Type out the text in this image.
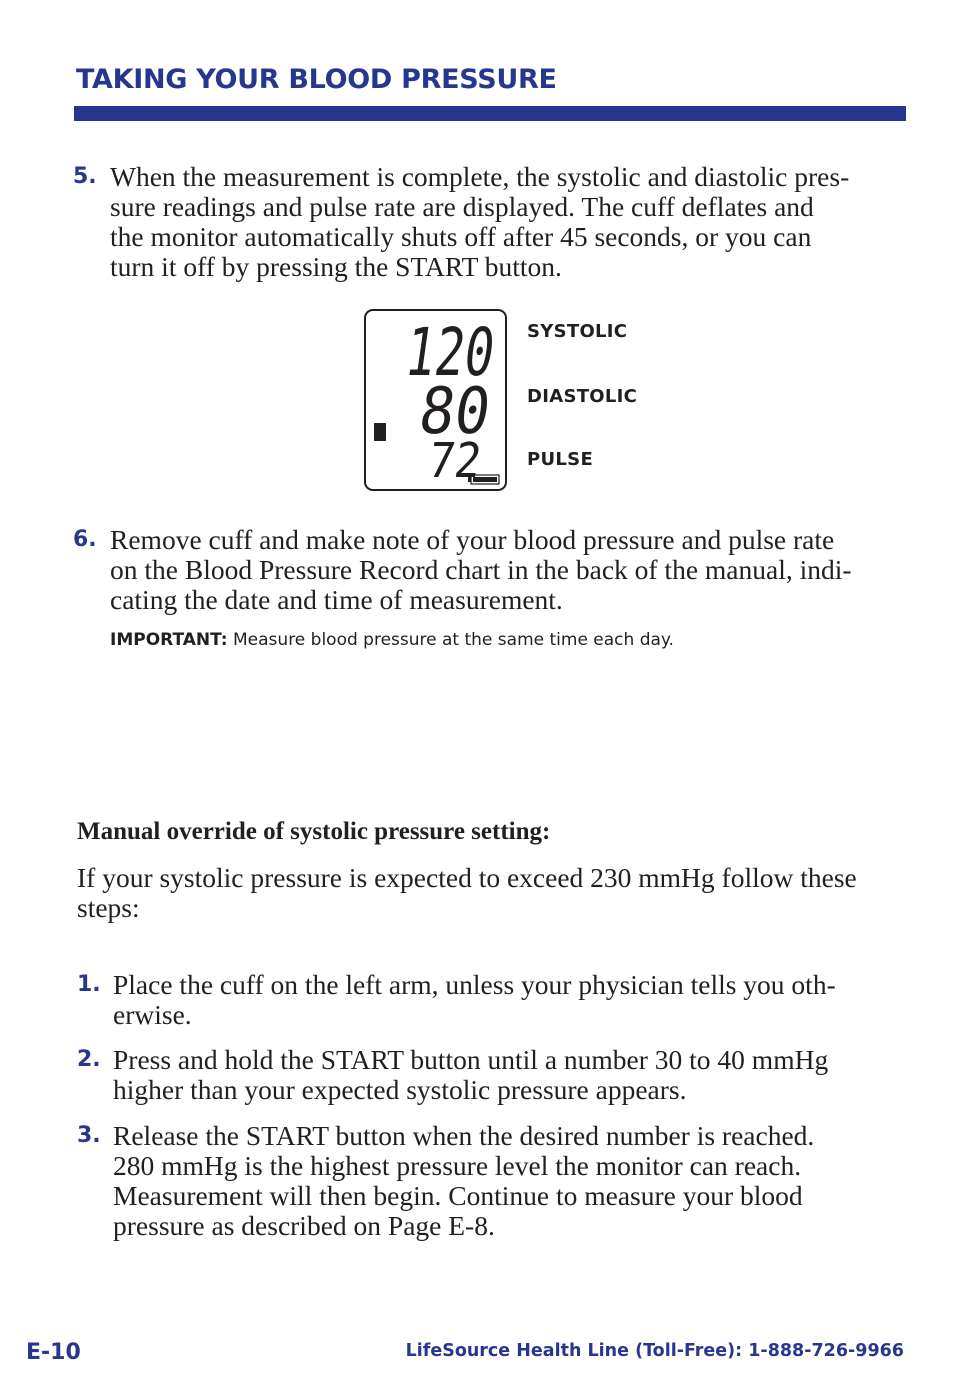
TAKING YOUR BLOOD PRESSURE
5. When the measurement is complete, the systolic and diastolic pres-
sure readings and pulse rate are displayed. The cuff deflates and
the monitor automatically shuts off after 45 seconds, or you can
turn it off by pressing the START button.
120
80
72
SYSTOLIC
DIASTOLIC
PULSE
6. Remove cuff and make note of your blood pressure and pulse rate
on the Blood Pressure Record chart in the back of the manual, indi-
cating the date and time of measurement.
IMPORTANT: Measure blood pressure at the same time each day.
Manual override of systolic pressure setting:
If your systolic pressure is expected to exceed 230 mmHg follow these steps:
1. Place the cuff on the left arm, unless your physician tells you oth-
erwise.
2. Press and hold the START button until a number 30 to 40 mmHg
higher than your expected systolic pressure appears.
3. Release the START button when the desired number is reached.
280 mmHg is the highest pressure level the monitor can reach.
Measurement will then begin. Continue to measure your blood
pressure as described on Page E-8.
E-10	LifeSource Health Line (Toll-Free): 1-888-726-9966
